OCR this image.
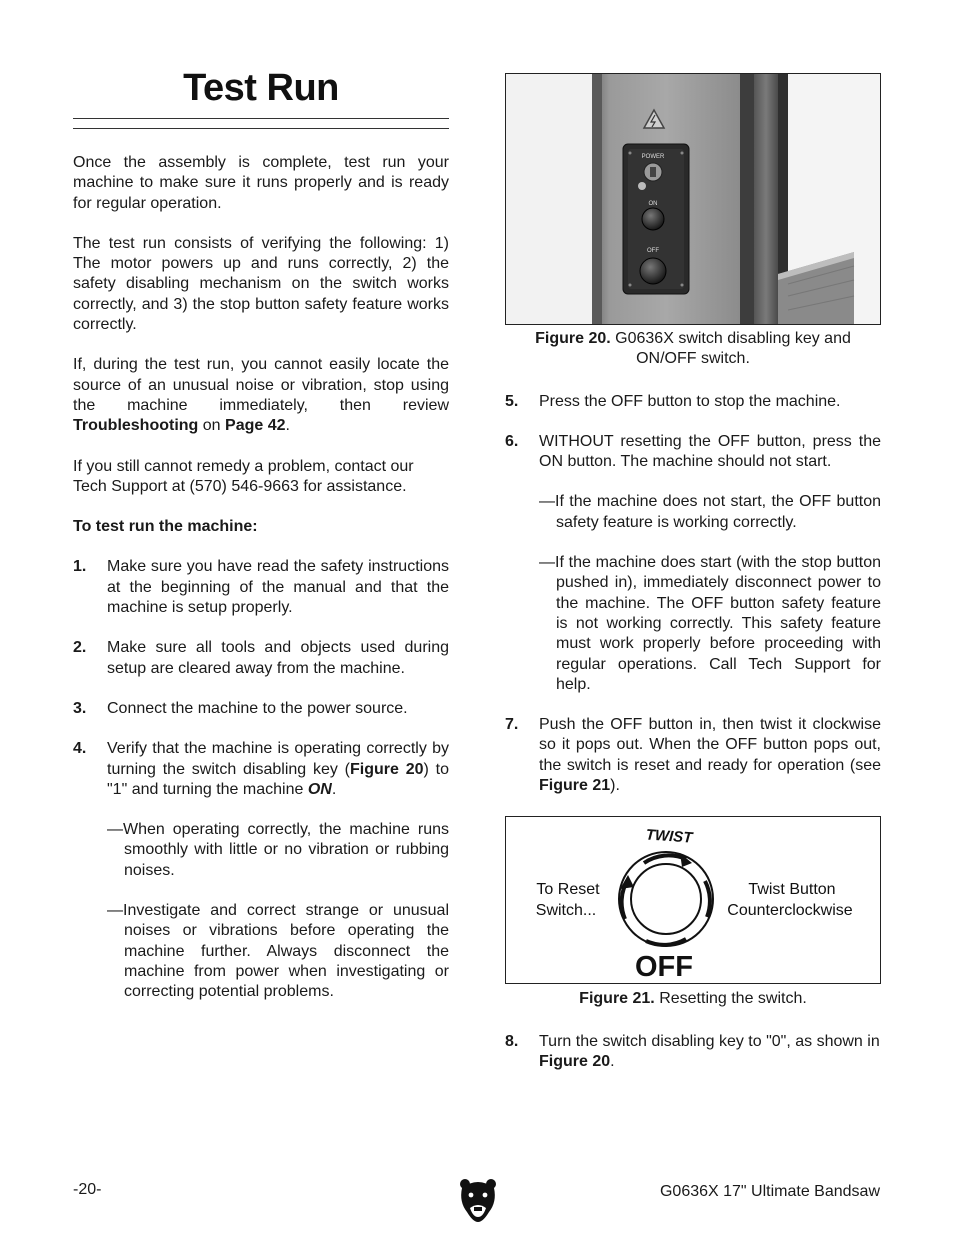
Test Run

Once the assembly is complete, test run your machine to make sure it runs properly and is ready for regular operation.

The test run consists of verifying the following: 1) The motor powers up and runs correctly, 2) the safety disabling mechanism on the switch works correctly, and 3) the stop button safety feature works correctly.

If, during the test run, you cannot easily locate the source of an unusual noise or vibration, stop using the machine immediately, then review Troubleshooting on Page 42.

If you still cannot remedy a problem, contact our Tech Support at (570) 546-9663 for assistance.

To test run the machine:

1. Make sure you have read the safety instructions at the beginning of the manual and that the machine is setup properly.
2. Make sure all tools and objects used during setup are cleared away from the machine.
3. Connect the machine to the power source.
4. Verify that the machine is operating correctly by turning the switch disabling key (Figure 20) to "1" and turning the machine ON.
—When operating correctly, the machine runs smoothly with little or no vibration or rubbing noises.
—Investigate and correct strange or unusual noises or vibrations before operating the machine further. Always disconnect the machine from power when investigating or correcting potential problems.
POWER
ON
OFF
Figure 20. G0636X switch disabling key and ON/OFF switch.
5. Press the OFF button to stop the machine.
6. WITHOUT resetting the OFF button, press the ON button. The machine should not start.
—If the machine does not start, the OFF button safety feature is working correctly.
—If the machine does start (with the stop button pushed in), immediately disconnect power to the machine. The OFF button safety feature is not working correctly. This safety feature must work properly before proceeding with regular operations. Call Tech Support for help.
7. Push the OFF button in, then twist it clockwise so it pops out. When the OFF button pops out, the switch is reset and ready for operation (see Figure 21).
TWIST
To Reset
Switch...
Twist Button
Counterclockwise
OFF
Figure 21. Resetting the switch.
8. Turn the switch disabling key to "0", as shown in Figure 20.
-20-	G0636X 17" Ultimate Bandsaw
